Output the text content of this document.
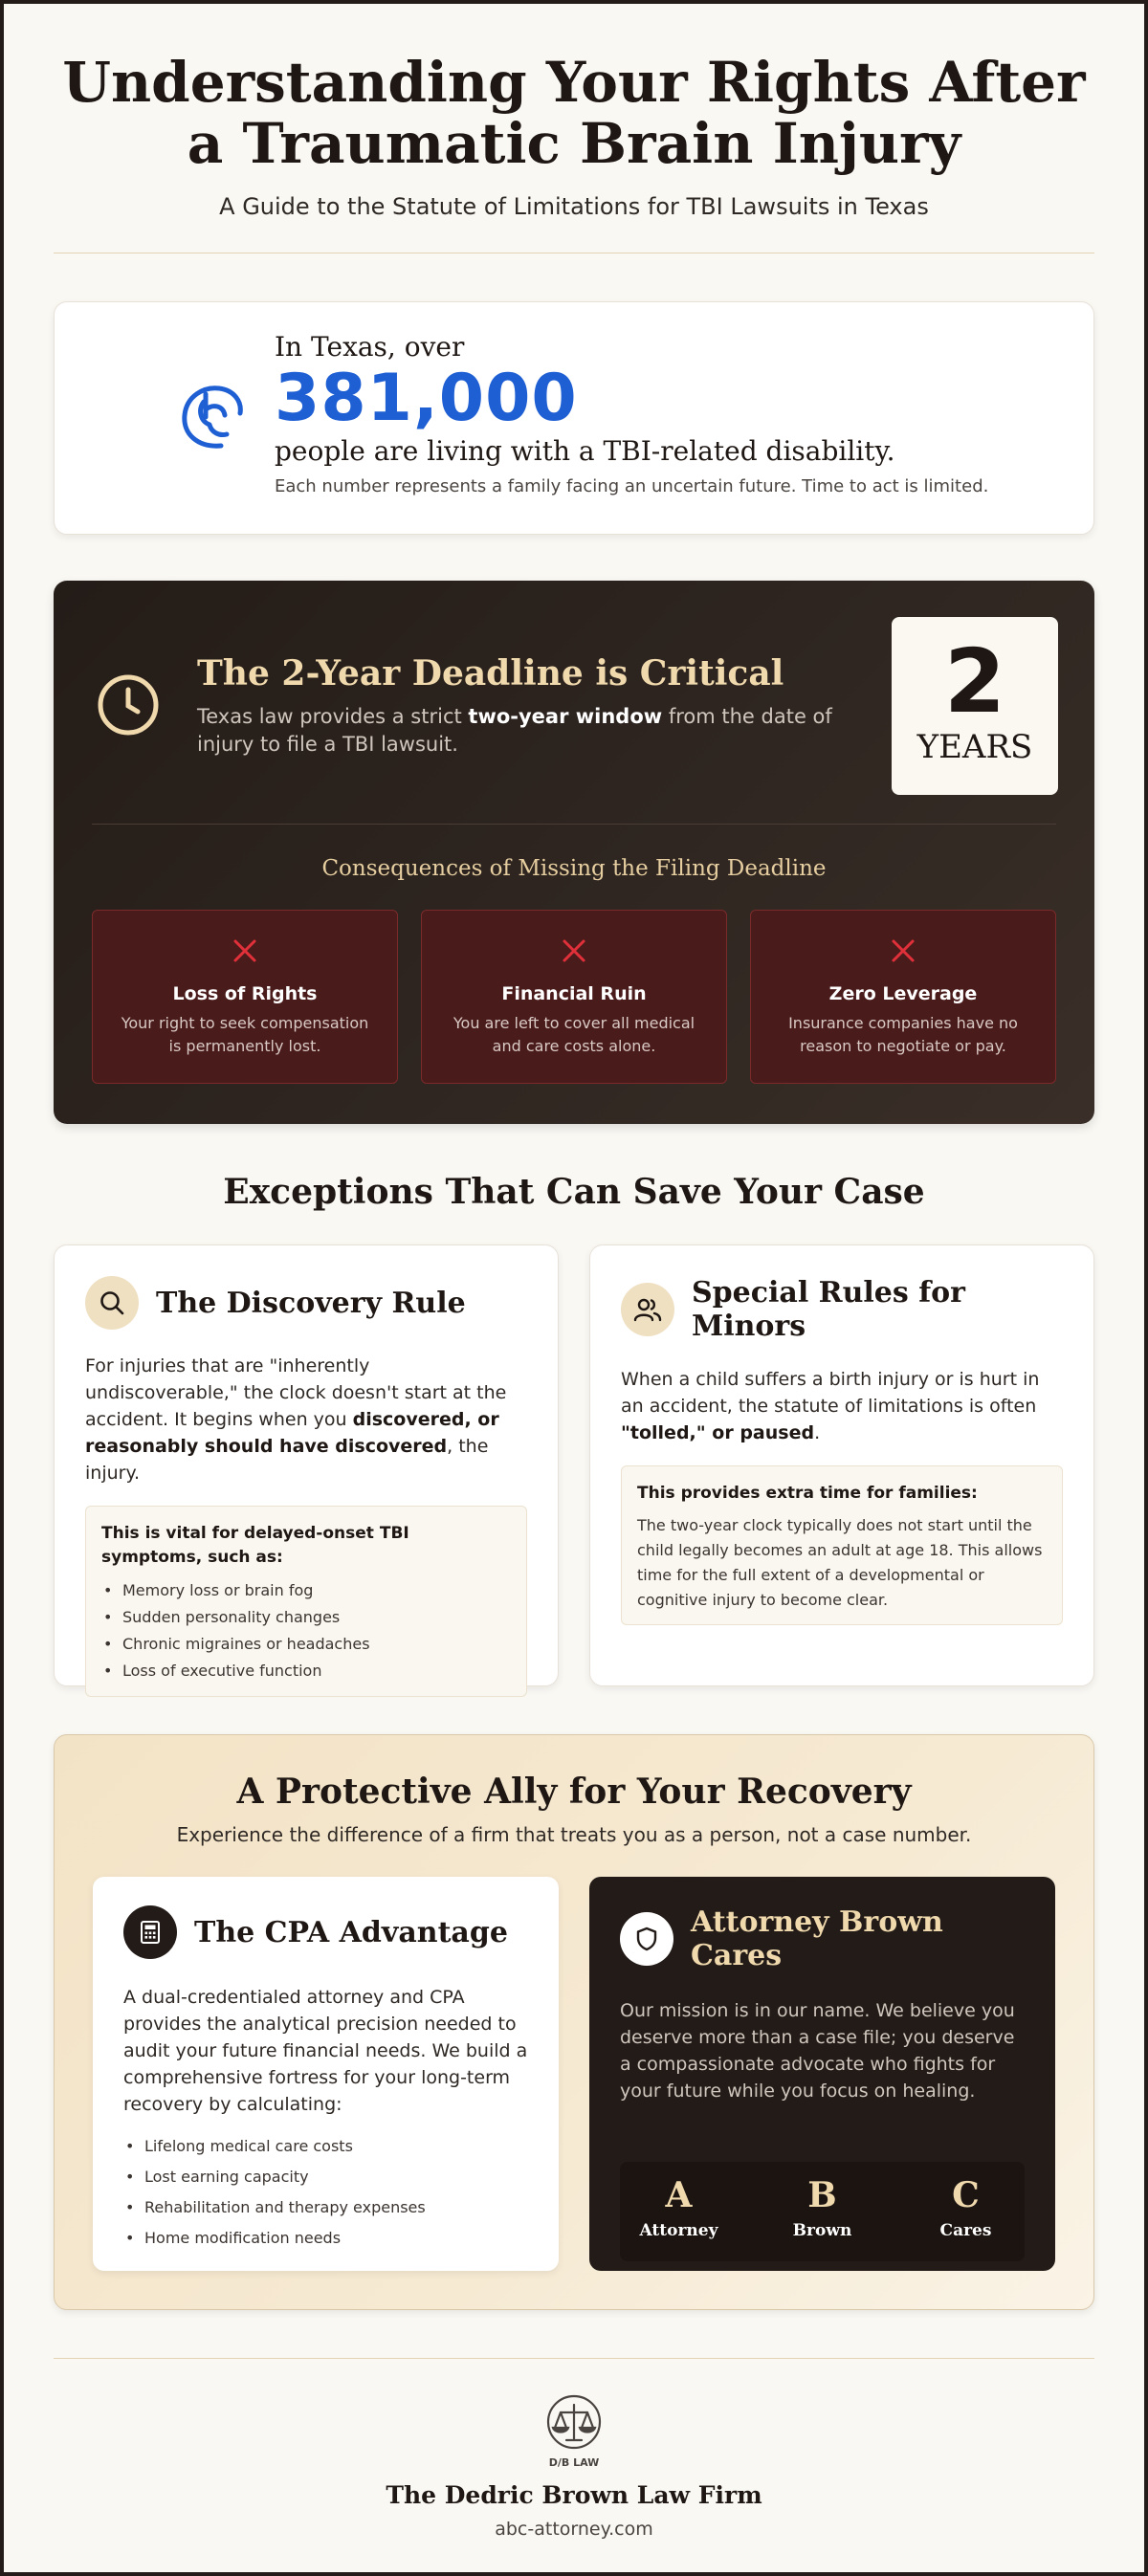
Understanding Your Rights After a Traumatic Brain Injury
A Guide to the Statute of Limitations for TBI Lawsuits in Texas
In Texas, over
381,000
people are living with a TBI-related disability.
Each number represents a family facing an uncertain future. Time to act is limited.
The 2-Year Deadline is Critical
Texas law provides a strict two-year window from the date of injury to file a TBI lawsuit.
2
YEARS
Consequences of Missing the Filing Deadline
Loss of Rights
Your right to seek compensation is permanently lost.
Financial Ruin
You are left to cover all medical and care costs alone.
Zero Leverage
Insurance companies have no reason to negotiate or pay.
Exceptions That Can Save Your Case
The Discovery Rule
For injuries that are "inherently undiscoverable," the clock doesn't start at the accident. It begins when you discovered, or reasonably should have discovered, the injury.
This is vital for delayed-onset TBI symptoms, such as:
• Memory loss or brain fog
• Sudden personality changes
• Chronic migraines or headaches
• Loss of executive function
Special Rules for Minors
When a child suffers a birth injury or is hurt in an accident, the statute of limitations is often "tolled," or paused.
This provides extra time for families:
The two-year clock typically does not start until the child legally becomes an adult at age 18. This allows time for the full extent of a developmental or cognitive injury to become clear.
A Protective Ally for Your Recovery
Experience the difference of a firm that treats you as a person, not a case number.
The CPA Advantage
A dual-credentialed attorney and CPA provides the analytical precision needed to audit your future financial needs. We build a comprehensive fortress for your long-term recovery by calculating:
• Lifelong medical care costs
• Lost earning capacity
• Rehabilitation and therapy expenses
• Home modification needs
Attorney Brown Cares
Our mission is in our name. We believe you deserve more than a case file; you deserve a compassionate advocate who fights for your future while you focus on healing.
A
Attorney
B
Brown
C
Cares
D/B LAW
The Dedric Brown Law Firm
abc-attorney.com
